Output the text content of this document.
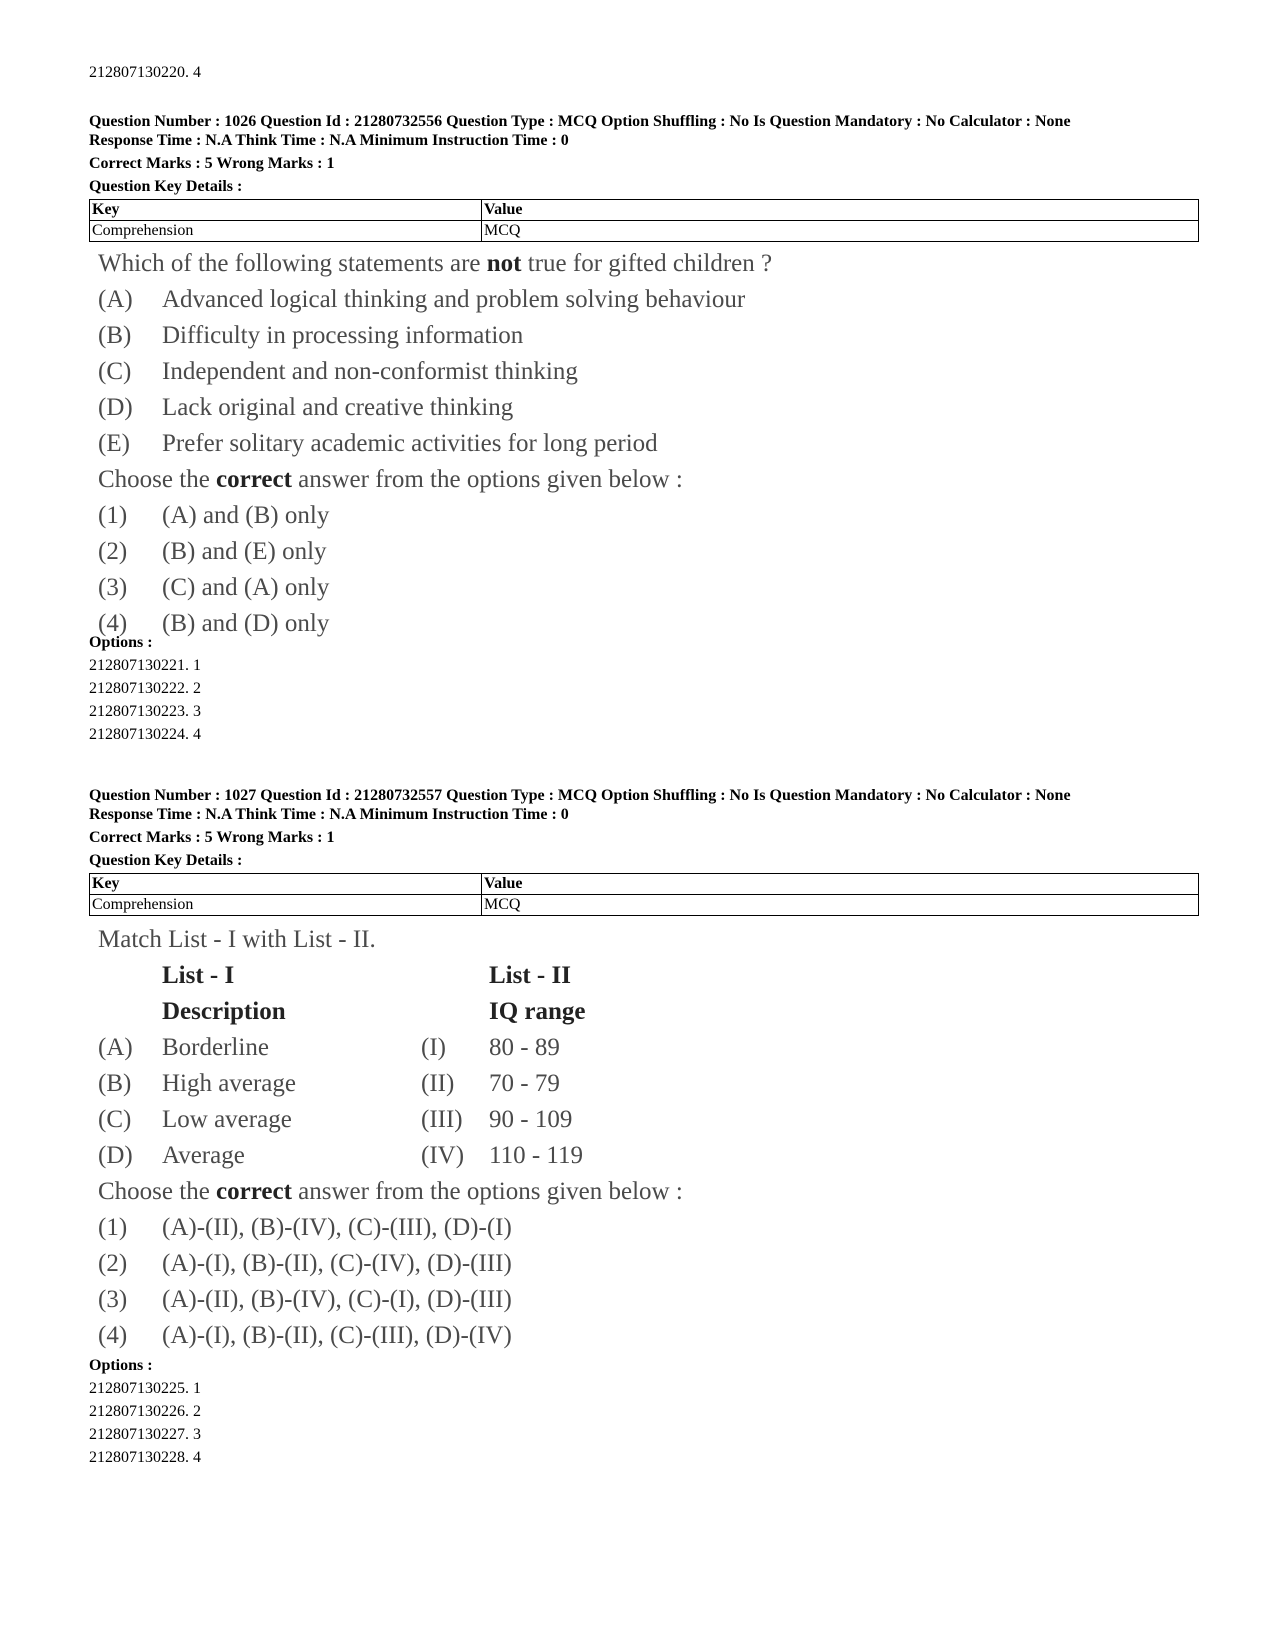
212807130220. 4
Question Number : 1026 Question Id : 21280732556 Question Type : MCQ Option Shuffling : No Is Question Mandatory : No Calculator : None
Response Time : N.A Think Time : N.A Minimum Instruction Time : 0
Correct Marks : 5 Wrong Marks : 1
Question Key Details :
Key	Value
Comprehension	MCQ
Which of the following statements are not true for gifted children ?
(A) Advanced logical thinking and problem solving behaviour
(B) Difficulty in processing information
(C) Independent and non-conformist thinking
(D) Lack original and creative thinking
(E) Prefer solitary academic activities for long period
Choose the correct answer from the options given below :
(1) (A) and (B) only
(2) (B) and (E) only
(3) (C) and (A) only
(4) (B) and (D) only
Options :
212807130221. 1
212807130222. 2
212807130223. 3
212807130224. 4
Question Number : 1027 Question Id : 21280732557 Question Type : MCQ Option Shuffling : No Is Question Mandatory : No Calculator : None
Response Time : N.A Think Time : N.A Minimum Instruction Time : 0
Correct Marks : 5 Wrong Marks : 1
Question Key Details :
Key	Value
Comprehension	MCQ
Match List - I with List - II.
List - I	List - II
Description	IQ range
(A) Borderline	(I) 80 - 89
(B) High average	(II) 70 - 79
(C) Low average	(III) 90 - 109
(D) Average	(IV) 110 - 119
Choose the correct answer from the options given below :
(1) (A)-(II), (B)-(IV), (C)-(III), (D)-(I)
(2) (A)-(I), (B)-(II), (C)-(IV), (D)-(III)
(3) (A)-(II), (B)-(IV), (C)-(I), (D)-(III)
(4) (A)-(I), (B)-(II), (C)-(III), (D)-(IV)
Options :
212807130225. 1
212807130226. 2
212807130227. 3
212807130228. 4
